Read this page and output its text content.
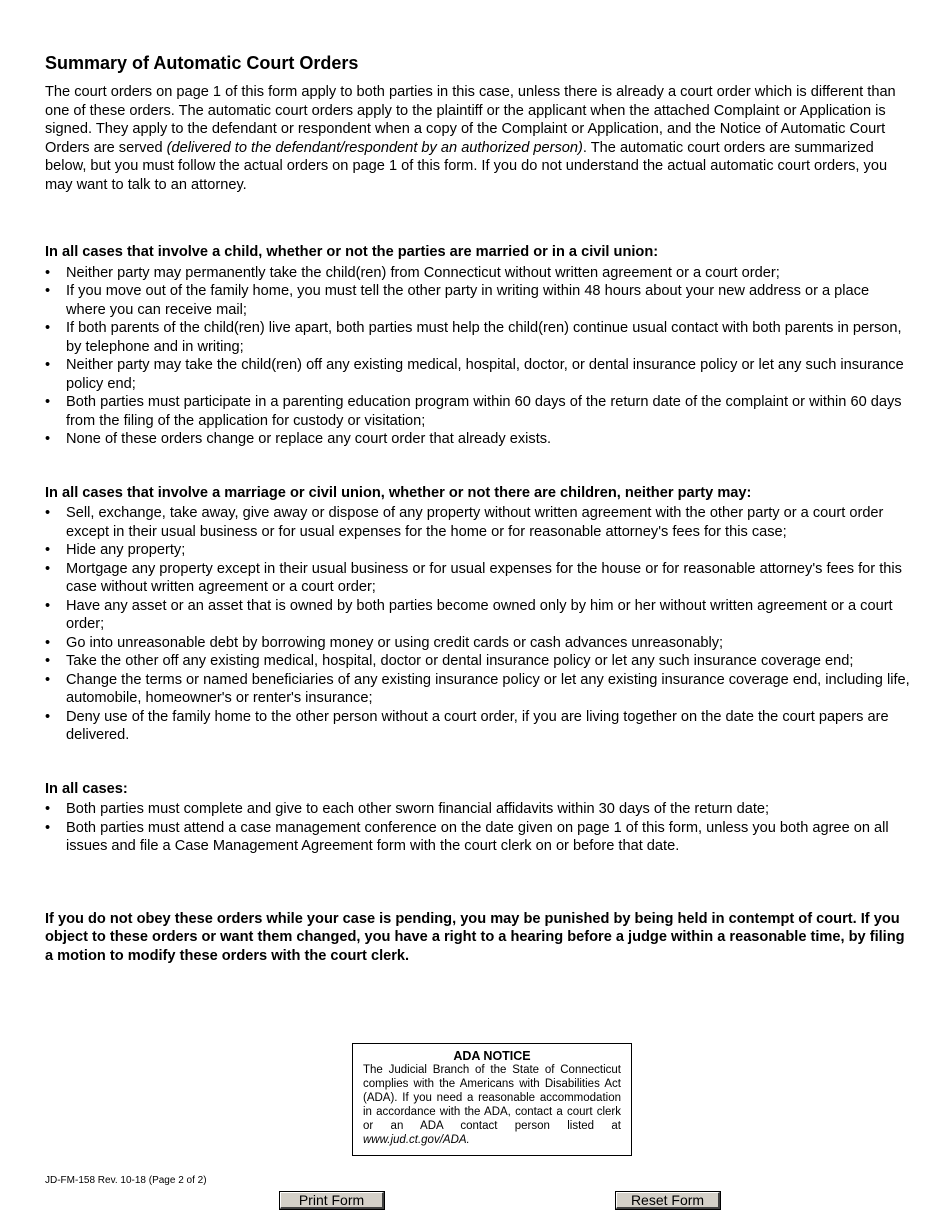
Summary of Automatic Court Orders

The court orders on page 1 of this form apply to both parties in this case, unless there is already a court order which is different than one of these orders. The automatic court orders apply to the plaintiff or the applicant when the attached Complaint or Application is signed. They apply to the defendant or respondent when a copy of the Complaint or Application, and the Notice of Automatic Court Orders are served (delivered to the defendant/respondent by an authorized person). The automatic court orders are summarized below, but you must follow the actual orders on page 1 of this form. If you do not understand the actual automatic court orders, you may want to talk to an attorney.

In all cases that involve a child, whether or not the parties are married or in a civil union:
• Neither party may permanently take the child(ren) from Connecticut without written agreement or a court order;
• If you move out of the family home, you must tell the other party in writing within 48 hours about your new address or a place where you can receive mail;
• If both parents of the child(ren) live apart, both parties must help the child(ren) continue usual contact with both parents in person, by telephone and in writing;
• Neither party may take the child(ren) off any existing medical, hospital, doctor, or dental insurance policy or let any such insurance policy end;
• Both parties must participate in a parenting education program within 60 days of the return date of the complaint or within 60 days from the filing of the application for custody or visitation;
• None of these orders change or replace any court order that already exists.
In all cases that involve a marriage or civil union, whether or not there are children, neither party may:
• Sell, exchange, take away, give away or dispose of any property without written agreement with the other party or a court order except in their usual business or for usual expenses for the home or for reasonable attorney's fees for this case;
• Hide any property;
• Mortgage any property except in their usual business or for usual expenses for the house or for reasonable attorney's fees for this case without written agreement or a court order;
• Have any asset or an asset that is owned by both parties become owned only by him or her without written agreement or a court order;
• Go into unreasonable debt by borrowing money or using credit cards or cash advances unreasonably;
• Take the other off any existing medical, hospital, doctor or dental insurance policy or let any such insurance coverage end;
• Change the terms or named beneficiaries of any existing insurance policy or let any existing insurance coverage end, including life, automobile, homeowner's or renter's insurance;
• Deny use of the family home to the other person without a court order, if you are living together on the date the court papers are delivered.
In all cases:
• Both parties must complete and give to each other sworn financial affidavits within 30 days of the return date;
• Both parties must attend a case management conference on the date given on page 1 of this form, unless you both agree on all issues and file a Case Management Agreement form with the court clerk on or before that date.
If you do not obey these orders while your case is pending, you may be punished by being held in contempt of court. If you object to these orders or want them changed, you have a right to a hearing before a judge within a reasonable time, by filing a motion to modify these orders with the court clerk.
ADA NOTICE
The Judicial Branch of the State of Connecticut complies with the Americans with Disabilities Act (ADA). If you need a reasonable accommodation in accordance with the ADA, contact a court clerk or an ADA contact person listed at www.jud.ct.gov/ADA.
JD-FM-158 Rev. 10-18 (Page 2 of 2)
Print Form	Reset Form
